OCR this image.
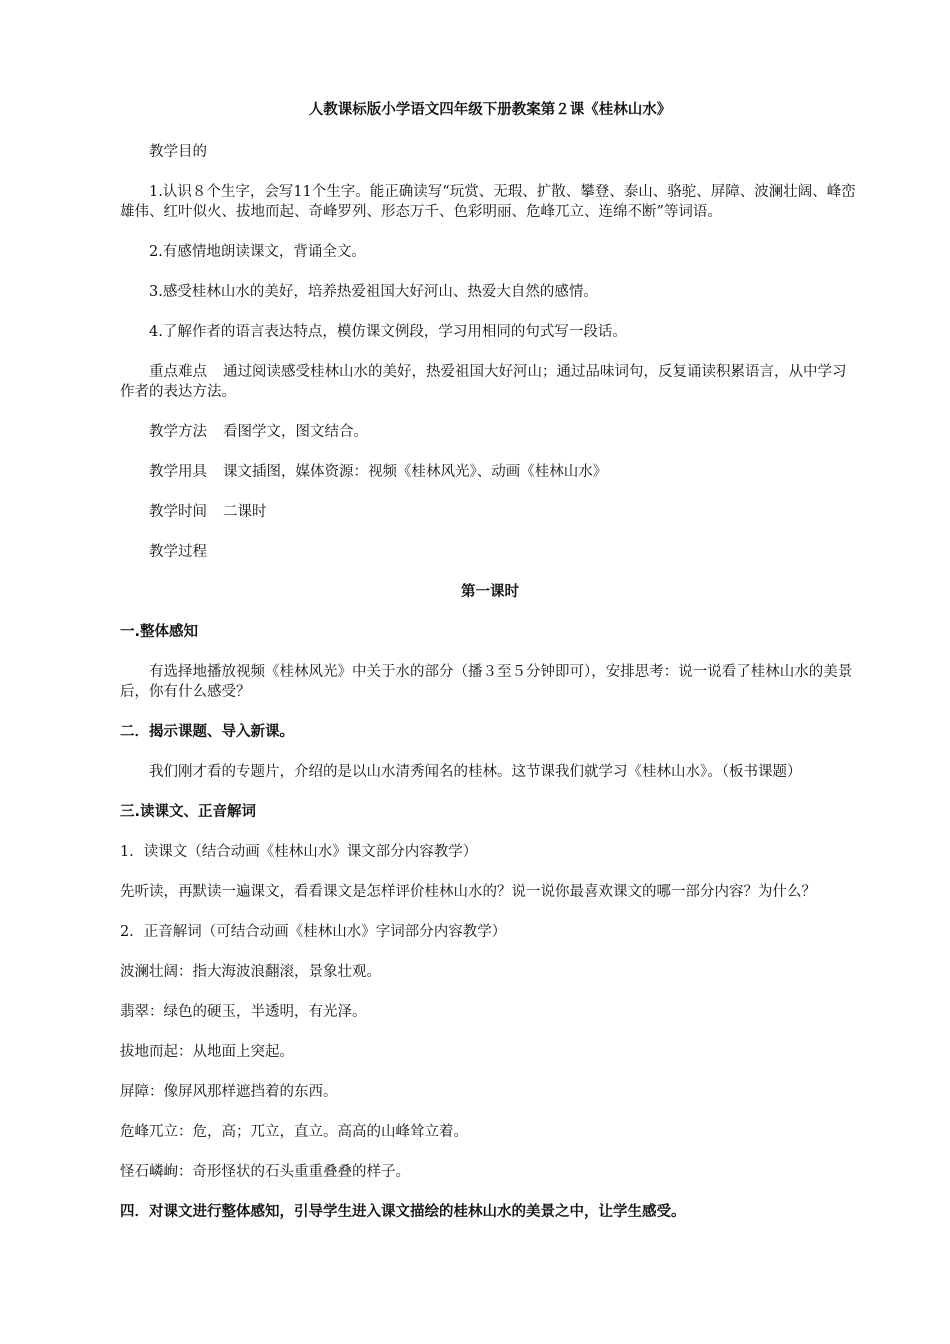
人教课标版小学语文四年级下册教案第２课《桂林山水》

教学目的

1.认识８个生字，会写11个生字。能正确读写“玩赏、无瑕、扩散、攀登、泰山、骆驼、屏障、波澜壮阔、峰峦雄伟、红叶似火、拔地而起、奇峰罗列、形态万千、色彩明丽、危峰兀立、连绵不断”等词语。

2.有感情地朗读课文，背诵全文。

3.感受桂林山水的美好，培养热爱祖国大好河山、热爱大自然的感情。

4.了解作者的语言表达特点，模仿课文例段，学习用相同的句式写一段话。

重点难点 通过阅读感受桂林山水的美好，热爱祖国大好河山；通过品味词句，反复诵读积累语言，从中学习作者的表达方法。

教学方法 看图学文，图文结合。

教学用具 课文插图，媒体资源：视频《桂林风光》、动画《桂林山水》

教学时间 二课时

教学过程

第一课时

一.整体感知

有选择地播放视频《桂林风光》中关于水的部分（播３至５分钟即可），安排思考：说一说看了桂林山水的美景后，你有什么感受？

二．揭示课题、导入新课。

我们刚才看的专题片，介绍的是以山水清秀闻名的桂林。这节课我们就学习《桂林山水》。（板书课题）

三.读课文、正音解词

1．读课文（结合动画《桂林山水》课文部分内容教学）

先听读，再默读一遍课文，看看课文是怎样评价桂林山水的？说一说你最喜欢课文的哪一部分内容？为什么？

2．正音解词（可结合动画《桂林山水》字词部分内容教学）

波澜壮阔：指大海波浪翻滚，景象壮观。

翡翠：绿色的硬玉，半透明，有光泽。

拔地而起：从地面上突起。

屏障：像屏风那样遮挡着的东西。

危峰兀立：危，高；兀立，直立。高高的山峰耸立着。

怪石嶙峋：奇形怪状的石头重重叠叠的样子。

四．对课文进行整体感知，引导学生进入课文描绘的桂林山水的美景之中，让学生感受。
